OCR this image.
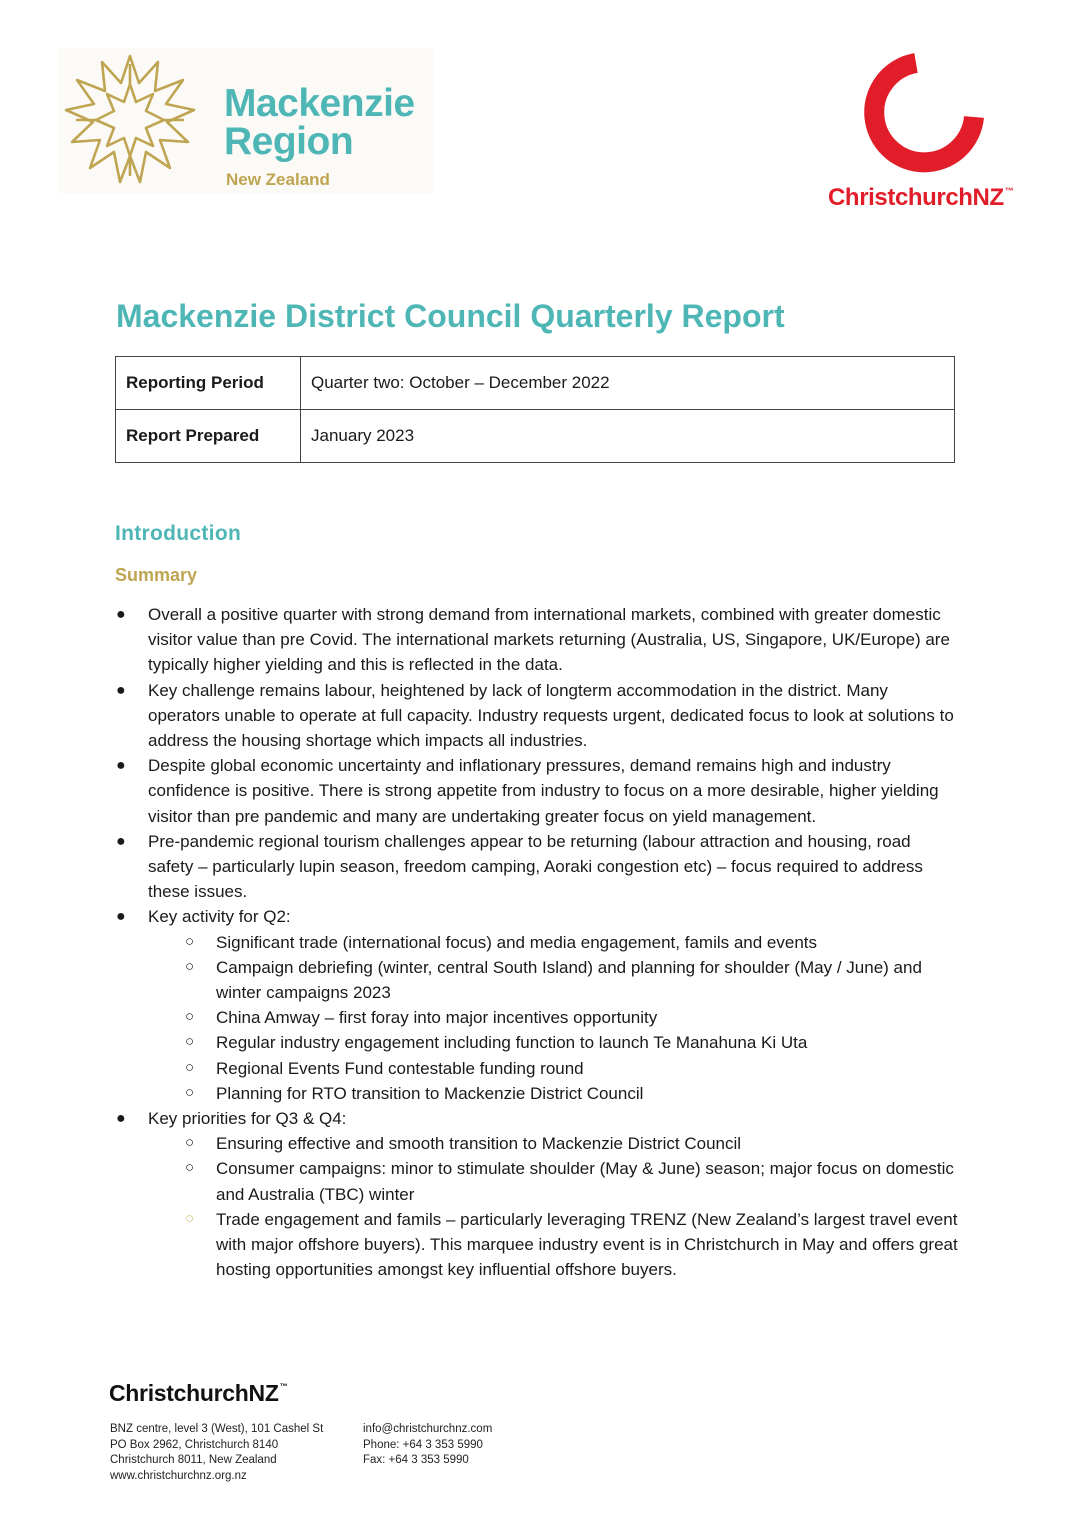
Mackenzie
Region
New Zealand
ChristchurchNZ™
Mackenzie District Council Quarterly Report
Reporting Period	Quarter two: October – December 2022
Report Prepared	January 2023
Introduction
Summary
● Overall a positive quarter with strong demand from international markets, combined with greater domestic visitor value than pre Covid. The international markets returning (Australia, US, Singapore, UK/Europe) are typically higher yielding and this is reflected in the data.
● Key challenge remains labour, heightened by lack of longterm accommodation in the district. Many operators unable to operate at full capacity. Industry requests urgent, dedicated focus to look at solutions to address the housing shortage which impacts all industries.
● Despite global economic uncertainty and inflationary pressures, demand remains high and industry confidence is positive. There is strong appetite from industry to focus on a more desirable, higher yielding visitor than pre pandemic and many are undertaking greater focus on yield management.
● Pre-pandemic regional tourism challenges appear to be returning (labour attraction and housing, road safety – particularly lupin season, freedom camping, Aoraki congestion etc) – focus required to address these issues.
● Key activity for Q2:
○ Significant trade (international focus) and media engagement, famils and events
○ Campaign debriefing (winter, central South Island) and planning for shoulder (May / June) and winter campaigns 2023
○ China Amway – first foray into major incentives opportunity
○ Regular industry engagement including function to launch Te Manahuna Ki Uta
○ Regional Events Fund contestable funding round
○ Planning for RTO transition to Mackenzie District Council
● Key priorities for Q3 & Q4:
○ Ensuring effective and smooth transition to Mackenzie District Council
○ Consumer campaigns: minor to stimulate shoulder (May & June) season; major focus on domestic and Australia (TBC) winter
○ Trade engagement and famils – particularly leveraging TRENZ (New Zealand’s largest travel event with major offshore buyers). This marquee industry event is in Christchurch in May and offers great hosting opportunities amongst key influential offshore buyers.
ChristchurchNZ™
BNZ centre, level 3 (West), 101 Cashel St
PO Box 2962, Christchurch 8140
Christchurch 8011, New Zealand
www.christchurchnz.org.nz
info@christchurchnz.com
Phone: +64 3 353 5990
Fax: +64 3 353 5990
